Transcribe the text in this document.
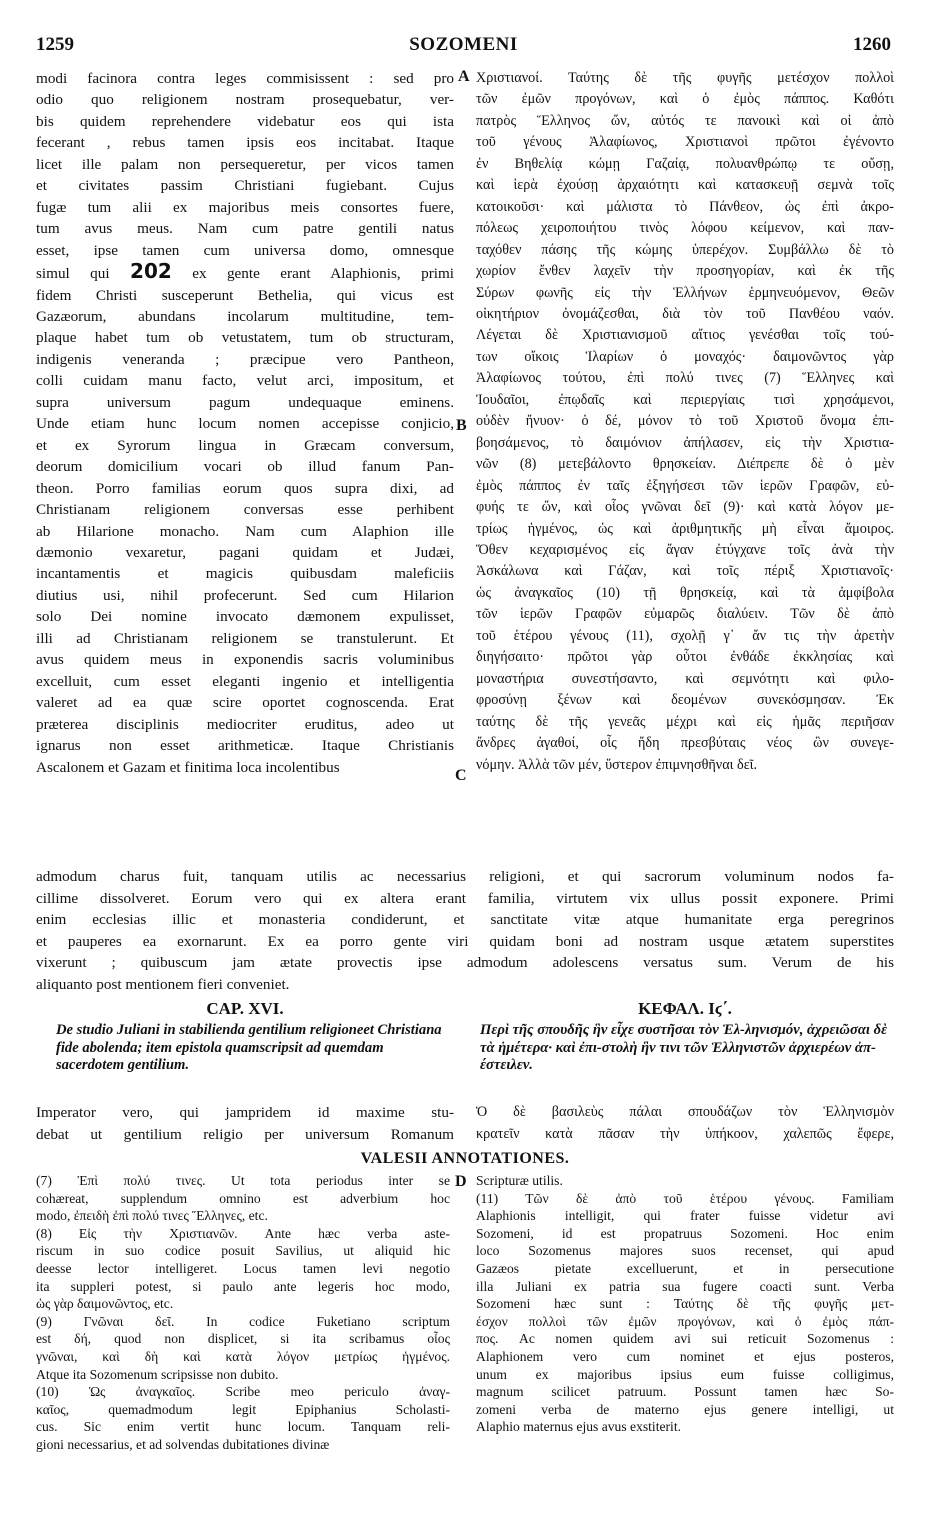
1259	SOZOMENI	1260
A
B
C
D
modi facinora contra leges commisissent : sed pro
odio quo religionem nostram prosequebatur, ver-
bis quidem reprehendere videbatur eos qui ista
fecerant , rebus tamen ipsis eos incitabat. Itaque
licet ille palam non persequeretur, per vicos tamen
et civitates passim Christiani fugiebant. Cujus
fugæ tum alii ex majoribus meis consortes fuere,
tum avus meus. Nam cum patre gentili natus
esset, ipse tamen cum universa domo, omnesque
simul qui 202 ex gente erant Alaphionis, primi
fidem Christi susceperunt Bethelia, qui vicus est
Gazæorum, abundans incolarum multitudine, tem-
plaque habet tum ob vetustatem, tum ob structuram,
indigenis veneranda ; præcipue vero Pantheon,
colli cuidam manu facto, velut arci, impositum, et
supra universum pagum undequaque eminens.
Unde etiam hunc locum nomen accepisse conjicio,
et ex Syrorum lingua in Græcam conversum,
deorum domicilium vocari ob illud fanum Pan-
theon. Porro familias eorum quos supra dixi, ad
Christianam religionem conversas esse perhibent
ab Hilarione monacho. Nam cum Alaphion ille
dæmonio vexaretur, pagani quidam et Judæi,
incantamentis et magicis quibusdam maleficiis
diutius usi, nihil profecerunt. Sed cum Hilarion
solo Dei nomine invocato dæmonem expulisset,
illi ad Christianam religionem se transtulerunt. Et
avus quidem meus in exponendis sacris voluminibus
excelluit, cum esset eleganti ingenio et intelligentia
valeret ad ea quæ scire oportet cognoscenda. Erat
præterea disciplinis mediocriter eruditus, adeo ut
ignarus non esset arithmeticæ. Itaque Christianis
Ascalonem et Gazam et finitima loca incolentibus
Χριστιανοί. Ταύτης δὲ τῆς φυγῆς μετέσχον πολλοὶ
τῶν ἐμῶν προγόνων, καὶ ὁ ἐμὸς πάππος. Καθότι
πατρὸς Ἕλληνος ὤν, αὐτός τε πανοικὶ καὶ οἱ ἀπὸ
τοῦ γένους Ἀλαφίωνος, Χριστιανοὶ πρῶτοι ἐγένοντο
ἐν Βηθελίᾳ κώμῃ Γαζαίᾳ, πολυανθρώπῳ τε οὔσῃ,
καὶ ἱερὰ ἐχούσῃ ἀρχαιότητι καὶ κατασκευῇ σεμνὰ τοῖς
κατοικοῦσι· καὶ μάλιστα τὸ Πάνθεον, ὡς ἐπὶ ἀκρο-
πόλεως χειροποιήτου τινὸς λόφου κείμενον, καὶ παν-
ταχόθεν πάσης τῆς κώμης ὑπερέχον. Συμβάλλω δὲ τὸ
χωρίον ἔνθεν λαχεῖν τὴν προσηγορίαν, καὶ ἐκ τῆς
Σύρων φωνῆς εἰς τὴν Ἑλλήνων ἑρμηνευόμενον, Θεῶν
οἰκητήριον ὀνομάζεσθαι, διὰ τὸν τοῦ Πανθέου ναόν.
Λέγεται δὲ Χριστιανισμοῦ αἴτιος γενέσθαι τοῖς τού-
των οἴκοις Ἱλαρίων ὁ μοναχός· δαιμονῶντος γὰρ
Ἀλαφίωνος τούτου, ἐπὶ πολύ τινες (7) Ἕλληνες καὶ
Ἰουδαῖοι, ἐπῳδαῖς καὶ περιεργίαις τισὶ χρησάμενοι,
οὐδὲν ἤνυον· ὁ δέ, μόνον τὸ τοῦ Χριστοῦ ὄνομα ἐπι-
βοησάμενος, τὸ δαιμόνιον ἀπήλασεν, εἰς τὴν Χριστια-
νῶν (8) μετεβάλοντο θρησκείαν. Διέπρεπε δὲ ὁ μὲν
ἐμὸς πάππος ἐν ταῖς ἐξηγήσεσι τῶν ἱερῶν Γραφῶν, εὐ-
φυής τε ὤν, καὶ οἷος γνῶναι δεῖ (9)· καὶ κατὰ λόγον με-
τρίως ἡγμένος, ὡς καὶ ἀριθμητικῆς μὴ εἶναι ἄμοιρος.
Ὅθεν κεχαρισμένος εἰς ἄγαν ἐτύγχανε τοῖς ἀνὰ τὴν
Ἀσκάλωνα καὶ Γάζαν, καὶ τοῖς πέριξ Χριστιανοῖς·
ὡς ἀναγκαῖος (10) τῇ θρησκείᾳ, καὶ τὰ ἀμφίβολα
τῶν ἱερῶν Γραφῶν εὐμαρῶς διαλύειν. Τῶν δὲ ἀπὸ
τοῦ ἑτέρου γένους (11), σχολῇ γ᾽ ἄν τις τὴν ἀρετὴν
διηγήσαιτο· πρῶτοι γὰρ οὗτοι ἐνθάδε ἐκκλησίας καὶ
μοναστήρια συνεστήσαντο, καὶ σεμνότητι καὶ φιλο-
φροσύνῃ ξένων καὶ δεομένων συνεκόσμησαν. Ἐκ
ταύτης δὲ τῆς γενεᾶς μέχρι καὶ εἰς ἡμᾶς περιῆσαν
ἄνδρες ἀγαθοί, οἷς ἤδη πρεσβύταις νέος ὢν συνεγε-
νόμην. Ἀλλὰ τῶν μέν, ὕστερον ἐπιμνησθῆναι δεῖ.
admodum charus fuit, tanquam utilis ac necessarius religioni, et qui sacrorum voluminum nodos fa-
cillime dissolveret. Eorum vero qui ex altera erant familia, virtutem vix ullus possit exponere. Primi
enim ecclesias illic et monasteria condiderunt, et sanctitate vitæ atque humanitate erga peregrinos
et pauperes ea exornarunt. Ex ea porro gente viri quidam boni ad nostram usque ætatem superstites
vixerunt ; quibuscum jam ætate provectis ipse admodum adolescens versatus sum. Verum de his
aliquanto post mentionem fieri conveniet.
CAP. XVI.	ΚΕΦΑΛ. Ιϛ΄.
De studio Juliani in stabilienda gentilium religioneet Christiana fide abolenda; item epistola quamscripsit ad quemdam sacerdotem gentilium.
Περὶ τῆς σπουδῆς ἣν εἶχε συστῆσαι τὸν Ἑλ-ληνισμόν, ἀχρειῶσαι δὲ τὰ ἡμέτερα· καὶ ἐπι-στολὴ ἣν τινι τῶν Ἑλληνιστῶν ἀρχιερέων ἀπ-έστειλεν.
Imperator vero, qui jampridem id maxime stu-
debat ut gentilium religio per universum Romanum
Ὁ δὲ βασιλεὺς πάλαι σπουδάζων τὸν Ἑλληνισμὸν
κρατεῖν κατὰ πᾶσαν τὴν ὑπήκοον, χαλεπῶς ἔφερε,
VALESII ANNOTATIONES.
(7) Ἐπὶ πολύ τινες. Ut tota periodus inter se
cohæreat, supplendum omnino est adverbium hoc
modo, ἐπειδὴ ἐπὶ πολύ τινες Ἕλληνες, etc.
(8) Εἰς τὴν Χριστιανῶν. Ante hæc verba aste-
riscum in suo codice posuit Savilius, ut aliquid hic
deesse lector intelligeret. Locus tamen levi negotio
ita suppleri potest, si paulo ante legeris hoc modo,
ὡς γὰρ δαιμονῶντος, etc.
(9) Γνῶναι δεῖ. In codice Fuketiano scriptum
est δή, quod non displicet, si ita scribamus οἷος
γνῶναι, καὶ δὴ καὶ κατὰ λόγον μετρίως ἡγμένος.
Atque ita Sozomenum scripsisse non dubito.
(10) Ὡς ἀναγκαῖος. Scribe meo periculo ἀναγ-
καῖος, quemadmodum legit Epiphanius Scholasti-
cus. Sic enim vertit hunc locum. Tanquam reli-
gioni necessarius, et ad solvendas dubitationes divinæ
Scripturæ utilis.
(11) Τῶν δὲ ἀπὸ τοῦ ἑτέρου γένους. Familiam
Alaphionis intelligit, qui frater fuisse videtur avi
Sozomeni, id est propatruus Sozomeni. Hoc enim
loco Sozomenus majores suos recenset, qui apud
Gazæos pietate excelluerunt, et in persecutione
illa Juliani ex patria sua fugere coacti sunt. Verba
Sozomeni hæc sunt : Ταύτης δὲ τῆς φυγῆς μετ-
έσχον πολλοὶ τῶν ἐμῶν προγόνων, καὶ ὁ ἐμὸς πάπ-
πος. Ac nomen quidem avi sui reticuit Sozomenus :
Alaphionem vero cum nominet et ejus posteros,
unum ex majoribus ipsius eum fuisse colligimus,
magnum scilicet patruum. Possunt tamen hæc So-
zomeni verba de materno ejus genere intelligi, ut
Alaphio maternus ejus avus exstiterit.
